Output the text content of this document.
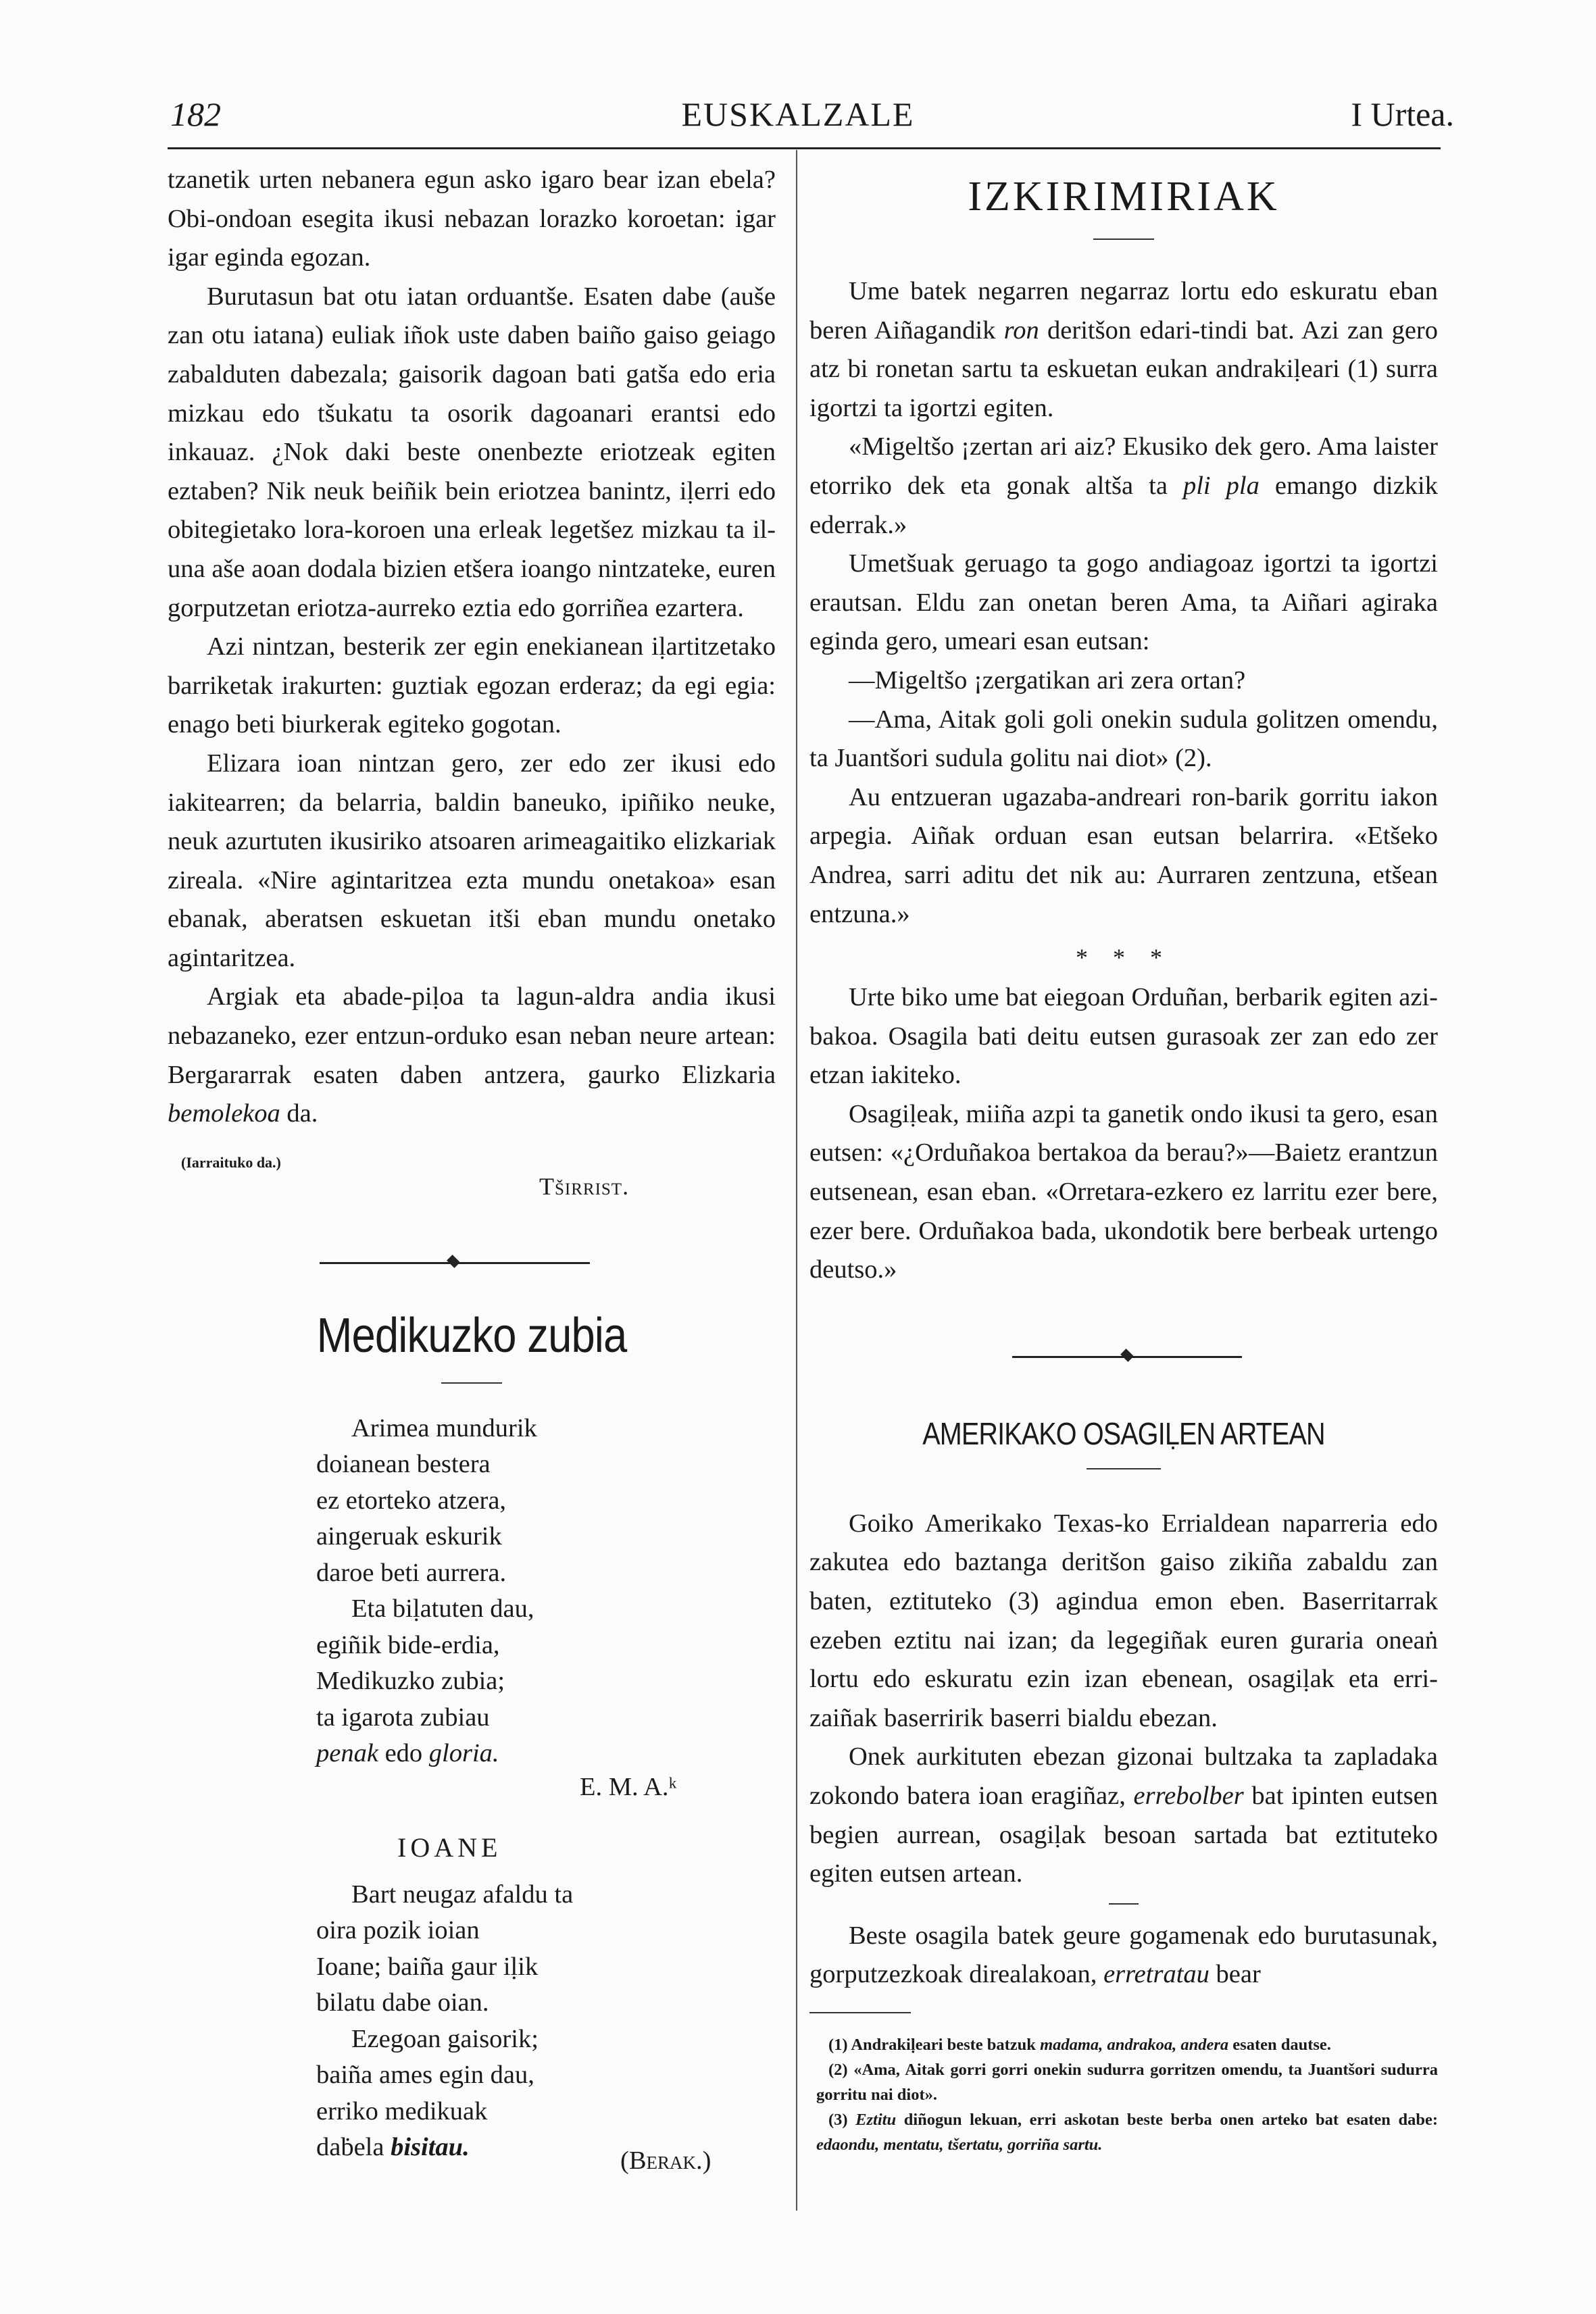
182	EUSKALZALE	I Urtea.

tzanetik urten nebanera egun asko igaro bear izan ebela? Obi-ondoan esegita ikusi nebazan lorazko koroetan: igar igar eginda egozan.

Burutasun bat otu iatan orduantše. Esaten dabe (auše zan otu iatana) euliak iñok uste daben baiño gaiso geiago zabalduten dabezala; gaisorik dagoan bati gatša edo eria mizkau edo tšukatu ta osorik dagoanari erantsi edo inkauaz. ¿Nok daki beste onenbezte eriotzeak egiten eztaben? Nik neuk beiñik bein eriotzea banintz, iḷerri edo obitegietako lora-koroen una erleak legetšez mizkau ta il-una aše aoan dodala bizien etšera ioango nintzateke, euren gorputzetan eriotza-aurreko eztia edo gorriñea ezartera.

Azi nintzan, besterik zer egin enekianean iḷartitzetako barriketak irakurten: guztiak egozan erderaz; da egi egia: enago beti biurkerak egiteko gogotan.

Elizara ioan nintzan gero, zer edo zer ikusi edo iakitearren; da belarria, baldin baneuko, ipiñiko neuke, neuk azurtuten ikusiriko atsoaren arimeagaitiko elizkariak zireala. «Nire agintaritzea ezta mundu onetakoa» esan ebanak, aberatsen eskuetan itši eban mundu onetako agintaritzea.

Argiak eta abade-piḷoa ta lagun-aldra andia ikusi nebazaneko, ezer entzun-orduko esan neban neure artean: Bergararrak esaten daben antzera, gaurko Elizkaria bemolekoa da.

(Iarraituko da.)
Tširrist.
Medikuzko zubia
Arimea mundurik
doianean bestera
ez etorteko atzera,
aingeruak eskurik
daroe beti aurrera.
Eta biḷatuten dau,
egiñik bide-erdia,
Medikuzko zubia;
ta igarota zubiau
penak edo gloria.
E. M. A.ᵏ
IOANE
Bart neugaz afaldu ta
oira pozik ioian
Ioane; baiña gaur iḷik
bilatu dabe oian.
Ezegoan gaisorik;
baiña ames egin dau,
erriko medikuak
daḃela bisitau.	(Berak.)
IZKIRIMIRIAK

Ume batek negarren negarraz lortu edo eskuratu eban beren Aiñagandik ron deritšon edari-tindi bat. Azi zan gero atz bi ronetan sartu ta eskuetan eukan andrakiḷeari (1) surra igortzi ta igortzi egiten.

«Migeltšo ¡zertan ari aiz? Ekusiko dek gero. Ama laister etorriko dek eta gonak altša ta pli pla emango dizkik ederrak.»

Umetšuak geruago ta gogo andiagoaz igortzi ta igortzi erautsan. Eldu zan onetan beren Ama, ta Aiñari agiraka eginda gero, umeari esan eutsan:

—Migeltšo ¡zergatikan ari zera ortan?

—Ama, Aitak goli goli onekin sudula golitzen omendu, ta Juantšori sudula golitu nai diot» (2).

Au entzueran ugazaba-andreari ron-barik gorritu iakon arpegia. Aiñak orduan esan eutsan belarrira. «Etšeko Andrea, sarri aditu det nik au: Aurraren zentzuna, etšean entzuna.»

* * *

Urte biko ume bat eiegoan Orduñan, berbarik egiten azi-bakoa. Osagila bati deitu eutsen gurasoak zer zan edo zer etzan iakiteko.

Osagiḷeak, miiña azpi ta ganetik ondo ikusi ta gero, esan eutsen: «¿Orduñakoa bertakoa da berau?»—Baietz erantzun eutsenean, esan eban. «Orretara-ezkero ez larritu ezer bere, ezer bere. Orduñakoa bada, ukondotik bere berbeak urtengo deutso.»

AMERIKAKO OSAGIḶEN ARTEAN

Goiko Amerikako Texas-ko Errialdean naparreria edo zakutea edo baztanga deritšon gaiso zikiña zabaldu zan baten, eztituteko (3) agindua emon eben. Baserritarrak ezeben eztitu nai izan; da legegiñak euren guraria oneaṅ lortu edo eskuratu ezin izan ebenean, osagiḷak eta erri-zaiñak baserririk baserri bialdu ebezan.

Onek aurkituten ebezan gizonai bultzaka ta zapladaka zokondo batera ioan eragiñaz, errebolber bat ipinten eutsen begien aurrean, osagiḷak besoan sartada bat eztituteko egiten eutsen artean.

Beste osagila batek geure gogamenak edo burutasunak, gorputzezkoak direalakoan, erretratau bear

(1) Andrakiḷeari beste batzuk madama, andrakoa, andera esaten dautse.
(2) «Ama, Aitak gorri gorri onekin sudurra gorritzen omendu, ta Juantšori sudurra gorritu nai diot».
(3) Eztitu diñogun lekuan, erri askotan beste berba onen arteko bat esaten dabe: edaondu, mentatu, tšertatu, gorriña sartu.
